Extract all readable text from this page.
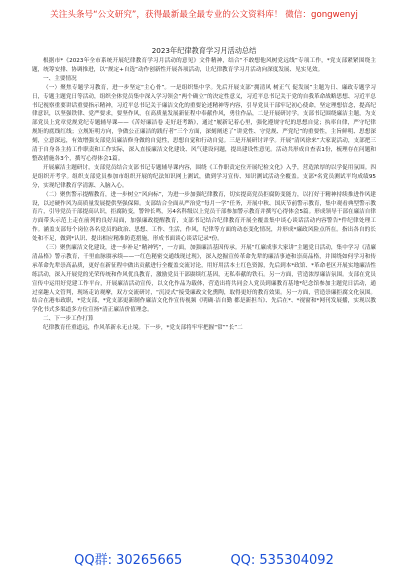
关注头条号“公文研究”，获得最新最全最专业的公文资料库！ 微信：gongwenyj
2023年纪律教育学习月活动总结

根据市*《2023年全市系统开展纪律教育学习月活动的意见》文件精神，结合“不敢想他风树党远线”专项工作，*党支部紧紧围绕主题，统筹安排、协调推进，以“规定+自选”动作创新性开展各项活动，让纪律教育学习月活动向深度发展、见实见效。

一、主要情况

（一）聚焦专题学习教育，进一步坚定“主心骨”。一是组织集中学。先后开展支部“拥清风 树正气 促发展”主题为日、廉政专题学习日，专题主题党日等活动，组织全体党员集中深入学习领会“两个确立”的决定性意义，习近平总书记关于党的自我革命战略思想、习近平总书记视察重要讲话重要指示精神，习近平总书记关于廉洁文化的重要论述精神等内容，引导党员干部牢记初心使命，坚定理想信念，提高纪律意识，以坚强铁律、党严要求，要坚作风，在高质量发展新征程中奉献作风，勇往作品，二是开展研讨学。支部书记围绕廉洁主题，为支部党员上党章党规党纪专题辅导课——《苦好廉洁卷 走好赶考路》，通过“履新记着心里，强化遵规守纪的思想自觉；执率自律，严守纪律规矩的底线红线；立规矩明方向，争做公正廉洁的践行者”三个方面，深刻阐述了“讲党性、守党规、严党纪”的重要性，主旨鲜明、思想深刻，立意深远，有效增强支部党员廉洁修身做的自觉性，思想自觉和行动自觉。三是开展研讨评学。开展“清风徐来”大家说活动，支部把三清于自身各主持工作职责和工作实际，深入直接廉洁文化建设、风气建设问题，提出建设性意见。活动共形成自查表1份，梳理存在问题和整改措施各3个，撰写心得体会1篇。

开展廉洁主题研讨，支部党员结合支部书记专题辅导课内容，围绕《工作职责定位开展纪检文化》入乎，营造浓厚的以学促用氛围。四是组织开考学。组织支部党员参加市组织开展的纪法知识网上测试，做到学习宣传、知识测试活动全覆盖。支部*名党员测试平均成绩95分，实现纪律教育学清源、入脑入心。

（二）聚焦警示提醒教育，进一步树立“风向标”，为进一步加强纪律教育，切实提高党员拒腐防变能力，以打好于精神持续推进作风建设，以过硬作风为高质量发展提供坚强保障。支部结合全面从严治党“每月一学”任务，开展中秋、国庆节前警示教育，集中观看典型警示教育片，引导党员干部提高认识，拒腐防变，警钟长鸣，另4名科级以上党员干部参加警示教育并撰写心得体会5篇。形成领导干部在廉洁自律方面带头示范上走在前列的良好局面，加强廉政提醒教育，支部书记结合纪律教育开展全覆盖集中谈心谈话活动内容警告*件纪律处理工作。涵盖支部每个岗位各名党员的政治、思想、工作、生活，作风，纪律等方面的动态变化情况，并形成*廉政风险点所在。指出各自的长处和不足，做到*认识、提出相应精准防范措施，形成书面谈心谈话记录*份。

（三）聚焦廉洁文化建设，进一步补足“精神钙”，一方面，加强廉洁基因传承。开展“红廉成事大家讲”主题党日活动，集中学习《清廉清品格》警示教育，千里血脉赓承续——一红色秘密交通线现过现》，深入挖掘宣传革命先辈的廉洁事迹和崇高品格，并围绕如何学习和传承革命先辈崇高品质，更好在新征程中做出贡献进行全覆盖交流讨论，用好用活本土红色资源，先后到本*政馆、*革命老区开展实地廉洁性练活动，深入开展党的光荣传统和作风优良教育，激励党员干部赓续红基因，无私奉献的铁石。另一方面，营造浓厚廉洁氛围。支部在党员宣传中运用好党建工作平台，开展廉洁活动宣传，以文化作品为载体，营造出将共同会人党员到廉教育基地*纪念馆参加主题党日活动，通过童趣人文管判，现场走访观摩，双方交流研讨，“沉浸式”接受廉政文化熏陶，取得更好的教育效果。另一方面，营造崇廉拒腐文化氛围。结合在港布政职，*党支部，*党支部更新制作廉洁文化作宣传视频《明确·洁自勤 都是新担当》、先后在*、*视窗和*网刊发展播，实现以教学化书式多渠道多方位宣扬*清正廉洁价值理念。

二、下一步工作打算

纪律教育任重道远，作风革新永无止境。下一步，*党支部将牢牢把握“常”“长”二

QQ群: 30265665	QQ: 535304092
